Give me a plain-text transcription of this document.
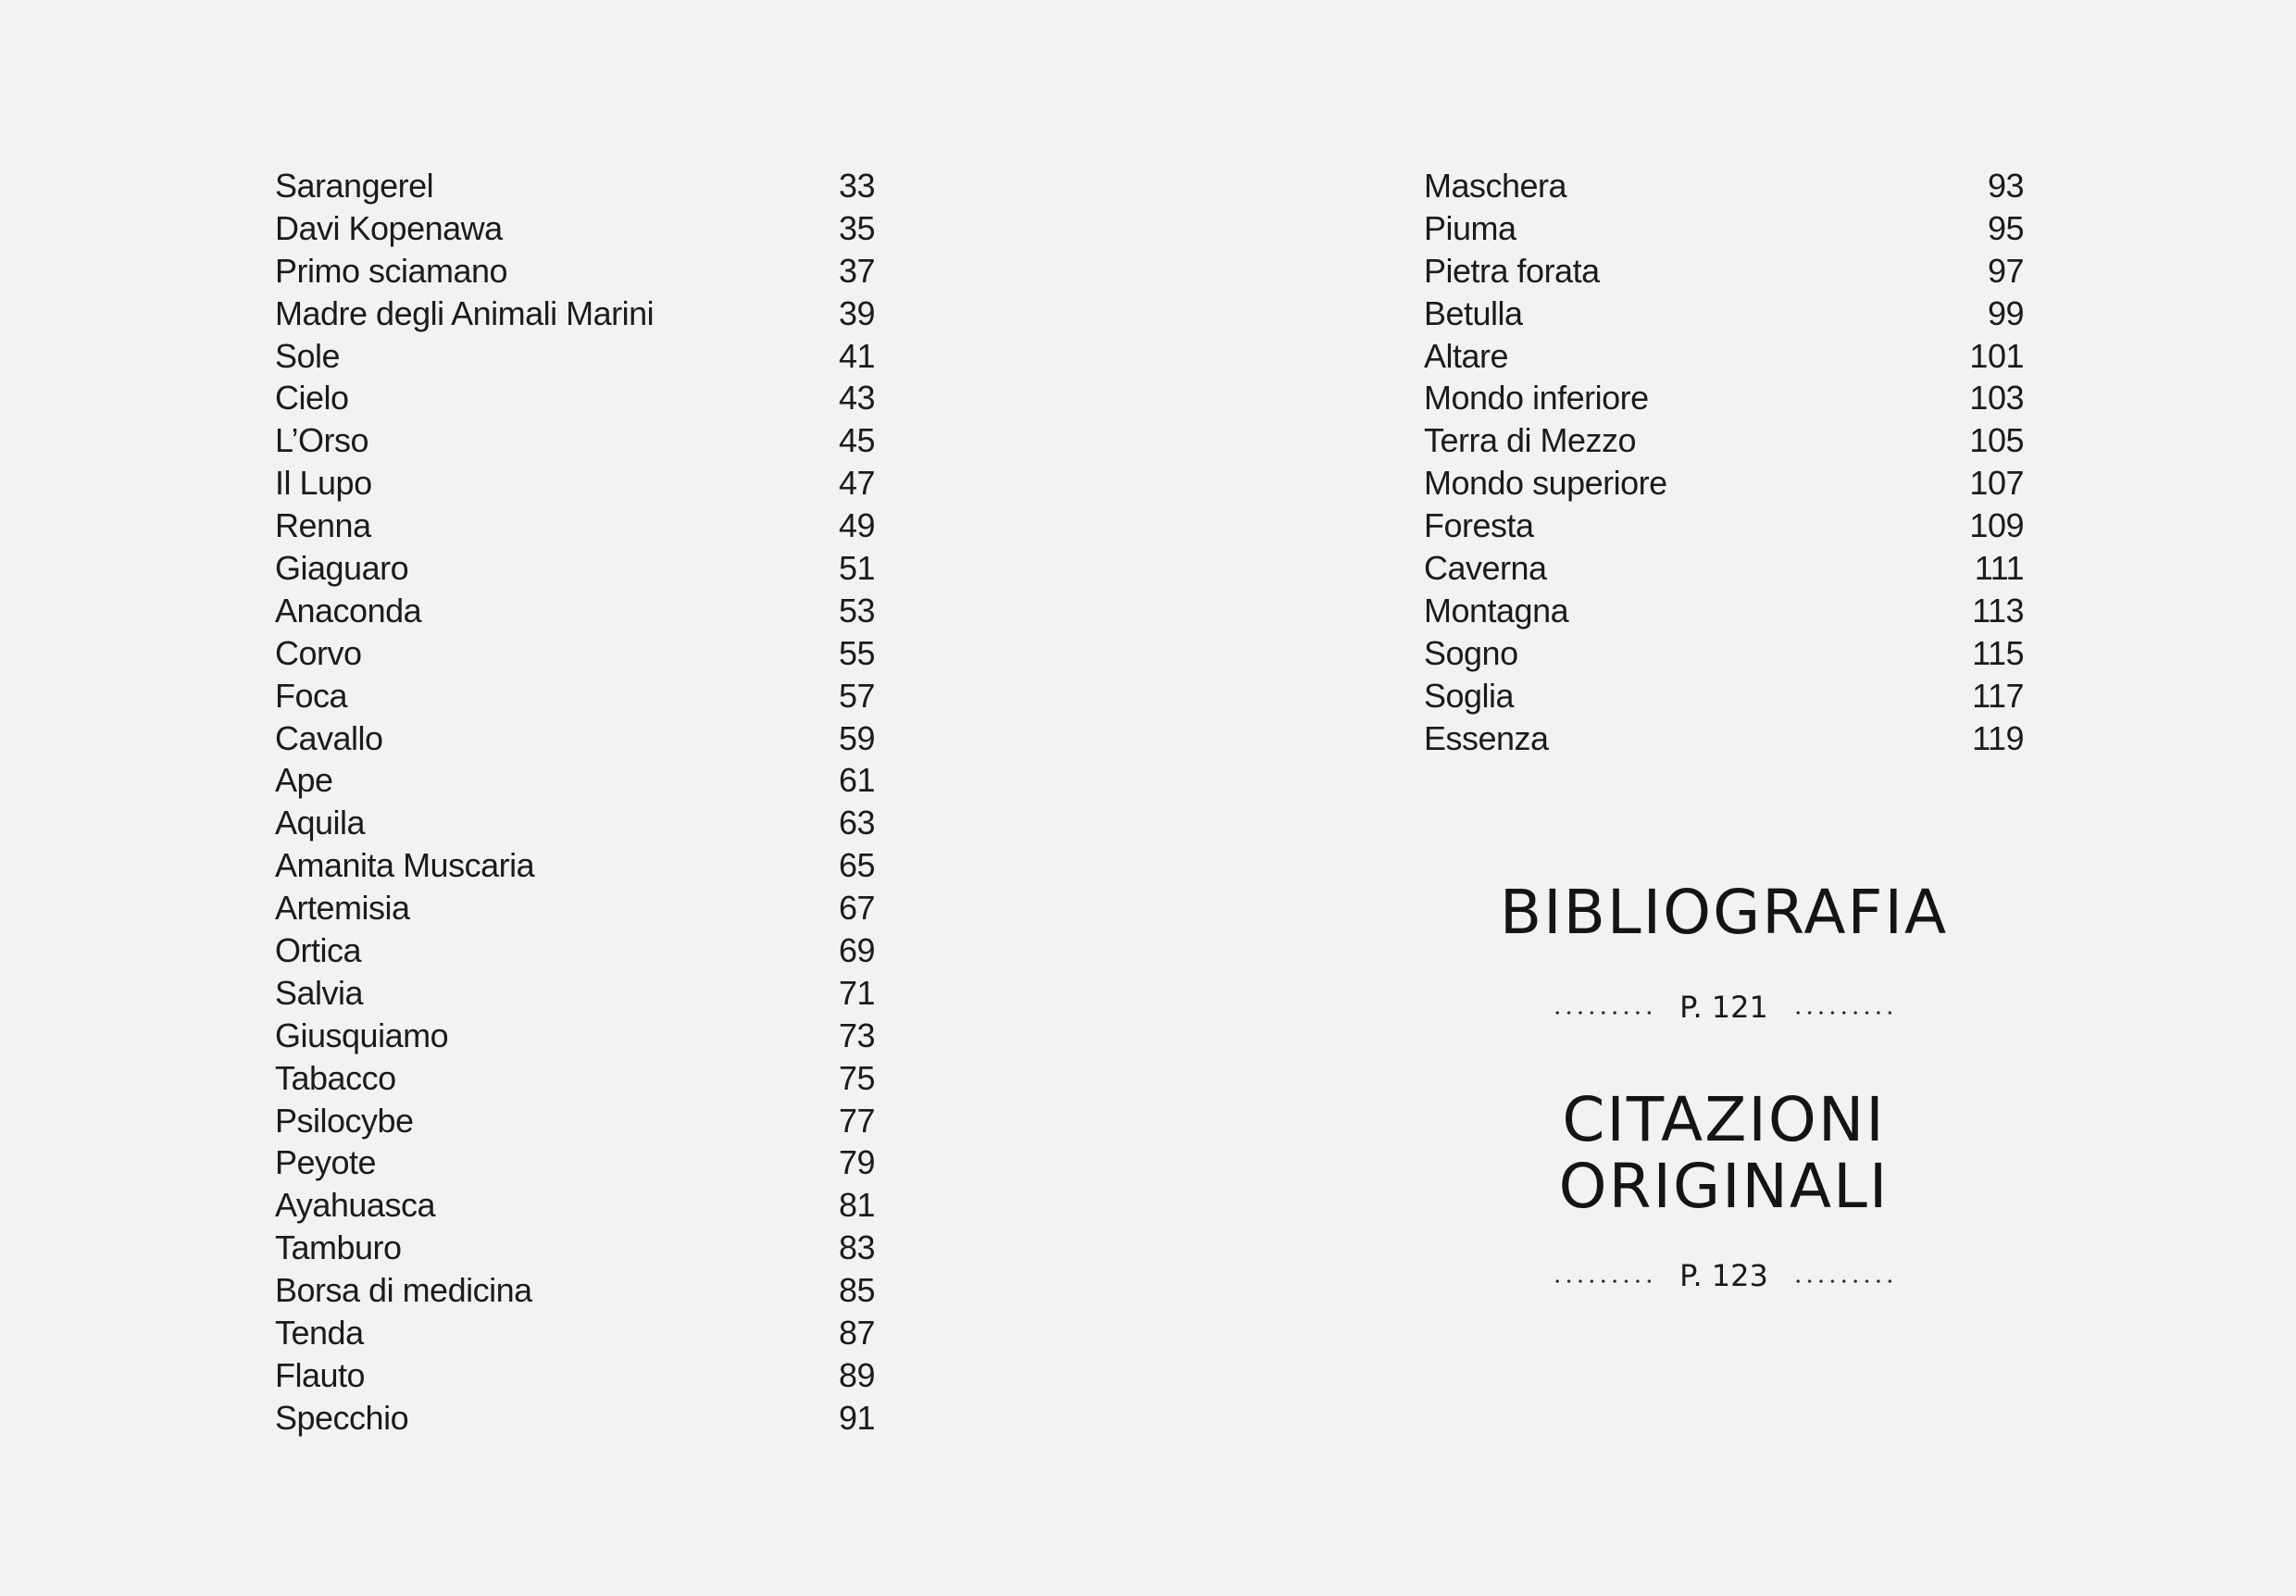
Sarangerel	33
Davi Kopenawa	35
Primo sciamano	37
Madre degli Animali Marini	39
Sole	41
Cielo	43
L’Orso	45
Il Lupo	47
Renna	49
Giaguaro	51
Anaconda	53
Corvo	55
Foca	57
Cavallo	59
Ape	61
Aquila	63
Amanita Muscaria	65
Artemisia	67
Ortica	69
Salvia	71
Giusquiamo	73
Tabacco	75
Psilocybe	77
Peyote	79
Ayahuasca	81
Tamburo	83
Borsa di medicina	85
Tenda	87
Flauto	89
Specchio	91
Maschera	93
Piuma	95
Pietra forata	97
Betulla	99
Altare	101
Mondo inferiore	103
Terra di Mezzo	105
Mondo superiore	107
Foresta	109
Caverna	111
Montagna	113
Sogno	115
Soglia	117
Essenza	119
BIBLIOGRAFIA
P. 121
CITAZIONI
ORIGINALI
P. 123
